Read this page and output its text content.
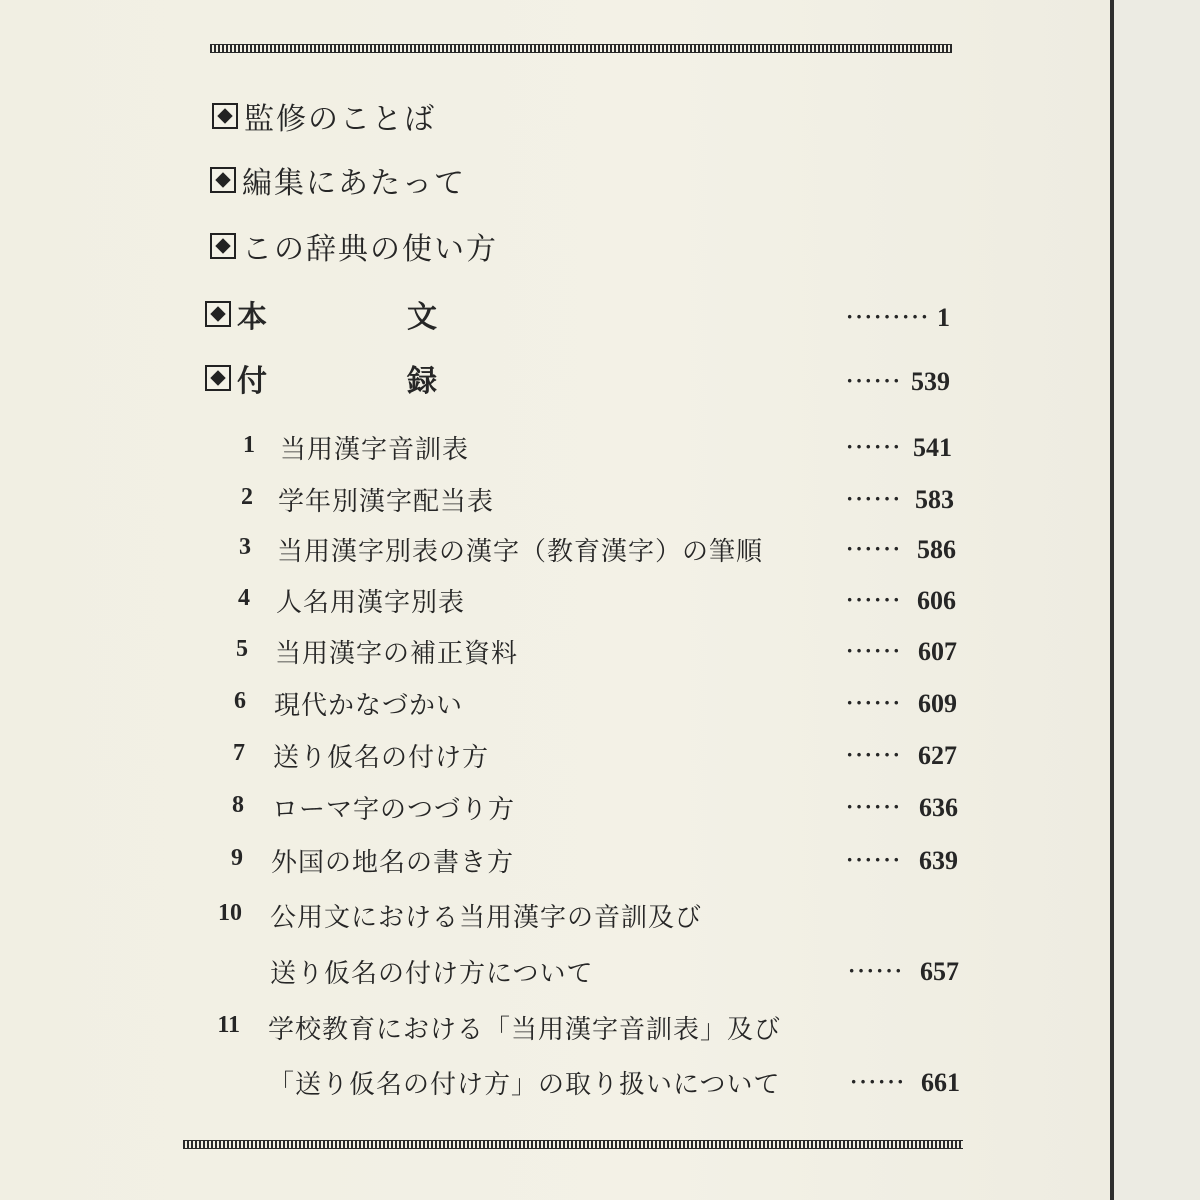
監修のことば
編集にあたって
この辞典の使い方
本	文	········· 1
付	録	······ 539
1 当用漢字音訓表	······ 541
2 学年別漢字配当表	······ 583
3 当用漢字別表の漢字（教育漢字）の筆順	······ 586
4 人名用漢字別表	······ 606
5 当用漢字の補正資料	······ 607
6 現代かなづかい	······ 609
7 送り仮名の付け方	······ 627
8 ローマ字のつづり方	······ 636
9 外国の地名の書き方	······ 639
10 公用文における当用漢字の音訓及び
送り仮名の付け方について	······ 657
11 学校教育における「当用漢字音訓表」及び
「送り仮名の付け方」の取り扱いについて	······ 661
